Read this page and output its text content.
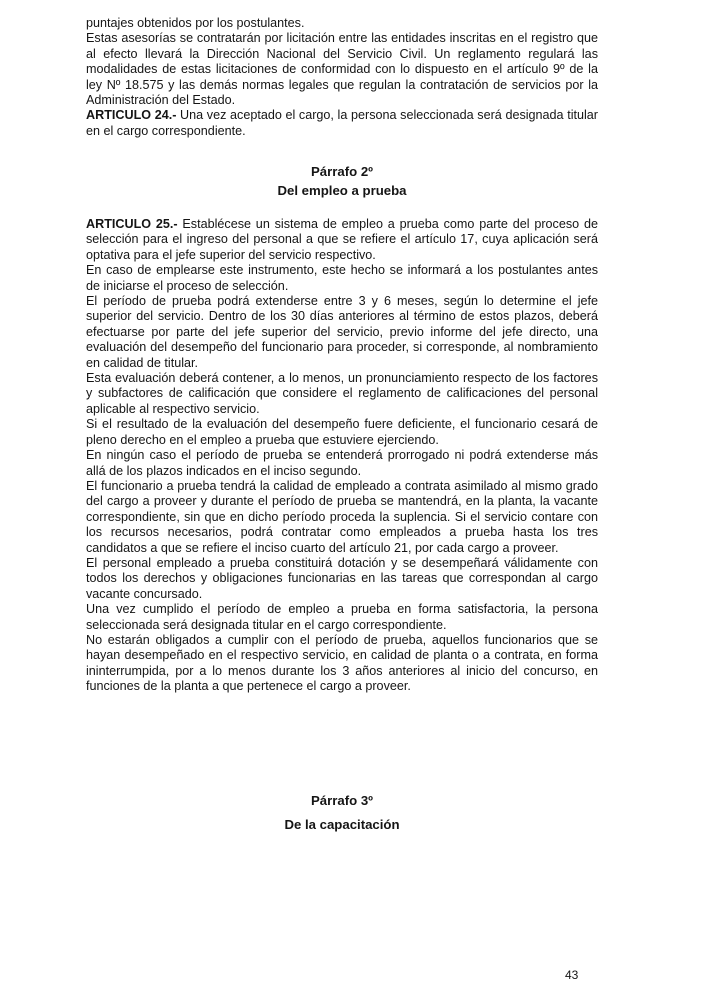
puntajes obtenidos por los postulantes.

Estas asesorías se contratarán por licitación entre las entidades inscritas en el registro que al efecto llevará la Dirección Nacional del Servicio Civil. Un reglamento regulará las modalidades de estas licitaciones de conformidad con lo dispuesto en el artículo 9º de la ley Nº 18.575 y las demás normas legales que regulan la contratación de servicios por la Administración del Estado.

ARTICULO 24.- Una vez aceptado el cargo, la persona seleccionada será designada titular en el cargo correspondiente.

Párrafo 2º
Del empleo a prueba

ARTICULO 25.- Establécese un sistema de empleo a prueba como parte del proceso de selección para el ingreso del personal a que se refiere el artículo 17, cuya aplicación será optativa para el jefe superior del servicio respectivo.

En caso de emplearse este instrumento, este hecho se informará a los postulantes antes de iniciarse el proceso de selección.

El período de prueba podrá extenderse entre 3 y 6 meses, según lo determine el jefe superior del servicio. Dentro de los 30 días anteriores al término de estos plazos, deberá efectuarse por parte del jefe superior del servicio, previo informe del jefe directo, una evaluación del desempeño del funcionario para proceder, si corresponde, al nombramiento en calidad de titular.

Esta evaluación deberá contener, a lo menos, un pronunciamiento respecto de los factores y subfactores de calificación que considere el reglamento de calificaciones del personal aplicable al respectivo servicio.

Si el resultado de la evaluación del desempeño fuere deficiente, el funcionario cesará de pleno derecho en el empleo a prueba que estuviere ejerciendo.

En ningún caso el período de prueba se entenderá prorrogado ni podrá extenderse más allá de los plazos indicados en el inciso segundo.

El funcionario a prueba tendrá la calidad de empleado a contrata asimilado al mismo grado del cargo a proveer y durante el período de prueba se mantendrá, en la planta, la vacante correspondiente, sin que en dicho período proceda la suplencia. Si el servicio contare con los recursos necesarios, podrá contratar como empleados a prueba hasta los tres candidatos a que se refiere el inciso cuarto del artículo 21, por cada cargo a proveer.

El personal empleado a prueba constituirá dotación y se desempeñará válidamente con todos los derechos y obligaciones funcionarias en las tareas que correspondan al cargo vacante concursado.

Una vez cumplido el período de empleo a prueba en forma satisfactoria, la persona seleccionada será designada titular en el cargo correspondiente.

No estarán obligados a cumplir con el período de prueba, aquellos funcionarios que se hayan desempeñado en el respectivo servicio, en calidad de planta o a contrata, en forma ininterrumpida, por a lo menos durante los 3 años anteriores al inicio del concurso, en funciones de la planta a que pertenece el cargo a proveer.

Párrafo 3º
De la capacitación
43
